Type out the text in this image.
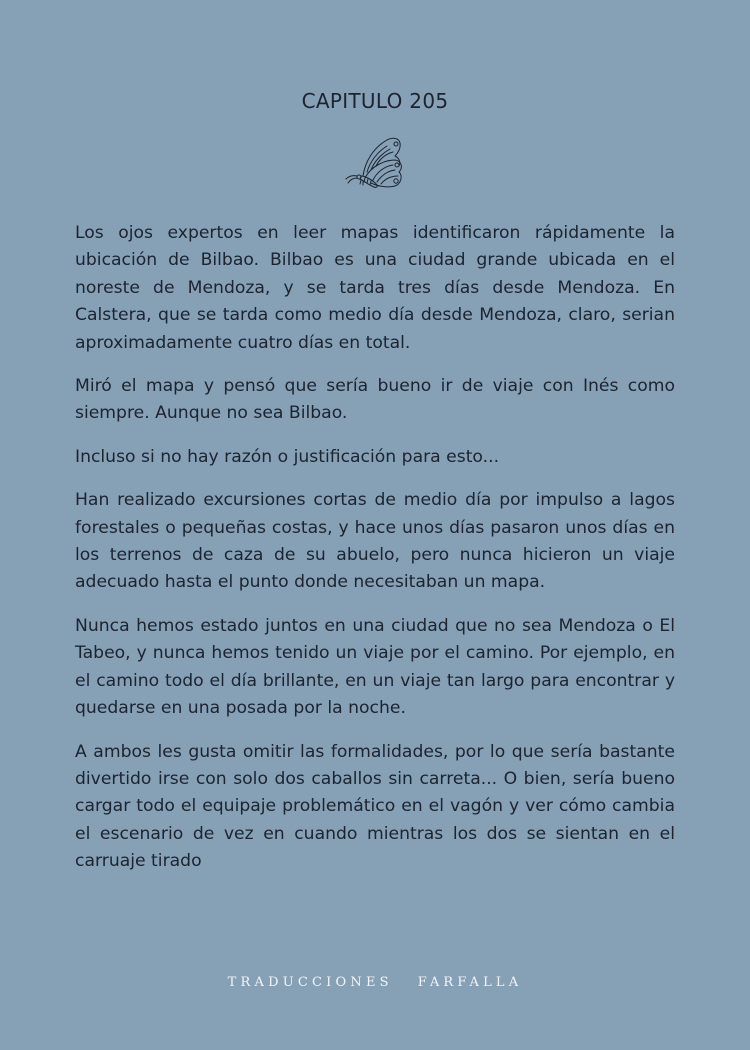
CAPITULO 205

Los ojos expertos en leer mapas identificaron rápidamente la ubicación de Bilbao. Bilbao es una ciudad grande ubicada en el noreste de Mendoza, y se tarda tres días desde Mendoza. En Calstera, que se tarda como medio día desde Mendoza, claro, serian aproximadamente cuatro días en total.

Miró el mapa y pensó que sería bueno ir de viaje con Inés como siempre. Aunque no sea Bilbao.

Incluso si no hay razón o justificación para esto...

Han realizado excursiones cortas de medio día por impulso a lagos forestales o pequeñas costas, y hace unos días pasaron unos días en los terrenos de caza de su abuelo, pero nunca hicieron un viaje adecuado hasta el punto donde necesitaban un mapa.

Nunca hemos estado juntos en una ciudad que no sea Mendoza o El Tabeo, y nunca hemos tenido un viaje por el camino. Por ejemplo, en el camino todo el día brillante, en un viaje tan largo para encontrar y quedarse en una posada por la noche.

A ambos les gusta omitir las formalidades, por lo que sería bastante divertido irse con solo dos caballos sin carreta... O bien, sería bueno cargar todo el equipaje problemático en el vagón y ver cómo cambia el escenario de vez en cuando mientras los dos se sientan en el carruaje tirado

TRADUCCIONES   FARFALLA
